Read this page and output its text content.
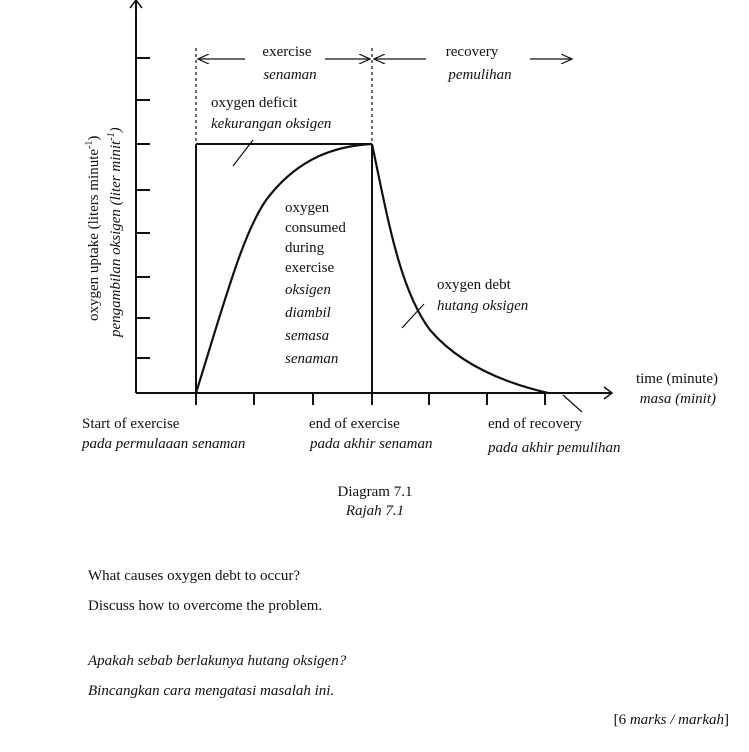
exercise
senaman
recovery
pemulihan
oxygen deficit
kekurangan oksigen
oxygen
consumed
during
exercise
oksigen
diambil
semasa
senaman
oxygen debt
hutang oksigen
time (minute)
masa (minit)
oxygen uptake (liters minute$^{-1}$)
pengambilan oksigen (liter minit$^{-1}$)
Start of exercise
pada permulaaan senaman
end of exercise
pada akhir senaman
end of recovery
pada akhir pemulihan
Diagram 7.1
Rajah 7.1
What causes oxygen debt to occur?
Discuss how to overcome the problem.
Apakah sebab berlakunya hutang oksigen?
Bincangkan cara mengatasi masalah ini.
[6 marks / markah]
